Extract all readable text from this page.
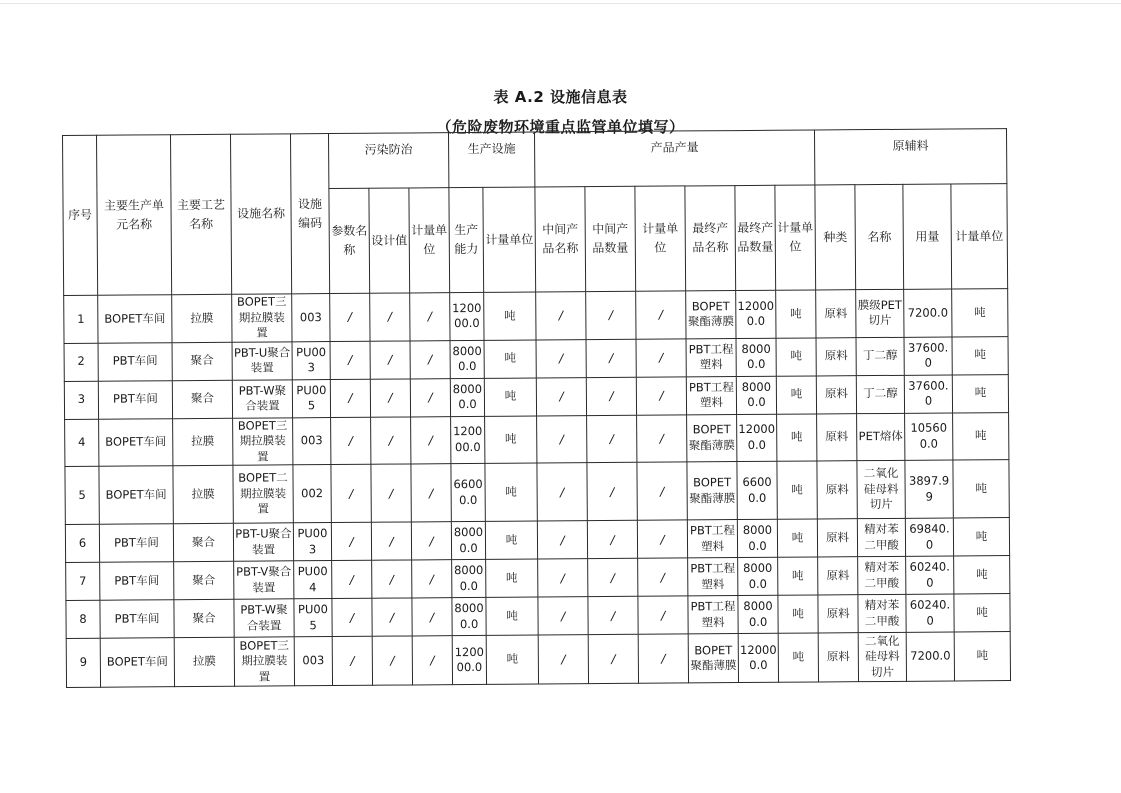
表 A.2 设施信息表
（危险废物环境重点监管单位填写）
序号	主要生产单元名称	主要工艺名称	设施名称	设施编码	污染防治			生产设施		产品产量						原辅料			
					参数名称	设计值	计量单位	生产能力	计量单位	中间产品名称	中间产品数量	计量单位	最终产品名称	最终产品数量	计量单位	种类	名称	用量	计量单位
1	BOPET车间	拉膜	BOPET三期拉膜装置	003	/	/	/	120000.0	吨	/	/	/	BOPET聚酯薄膜	120000.0	吨	原料	膜级PET切片	7200.0	吨
2	PBT车间	聚合	PBT-U聚合装置	PU003	/	/	/	80000.0	吨	/	/	/	PBT工程塑料	80000.0	吨	原料	丁二醇	37600.0	吨
3	PBT车间	聚合	PBT-W聚合装置	PU005	/	/	/	80000.0	吨	/	/	/	PBT工程塑料	80000.0	吨	原料	丁二醇	37600.0	吨
4	BOPET车间	拉膜	BOPET三期拉膜装置	003	/	/	/	120000.0	吨	/	/	/	BOPET聚酯薄膜	120000.0	吨	原料	PET熔体	105600.0	吨
5	BOPET车间	拉膜	BOPET二期拉膜装置	002	/	/	/	66000.0	吨	/	/	/	BOPET聚酯薄膜	66000.0	吨	原料	二氧化硅母料切片	3897.99	吨
6	PBT车间	聚合	PBT-U聚合装置	PU003	/	/	/	80000.0	吨	/	/	/	PBT工程塑料	80000.0	吨	原料	精对苯二甲酸	69840.0	吨
7	PBT车间	聚合	PBT-V聚合装置	PU004	/	/	/	80000.0	吨	/	/	/	PBT工程塑料	80000.0	吨	原料	精对苯二甲酸	60240.0	吨
8	PBT车间	聚合	PBT-W聚合装置	PU005	/	/	/	80000.0	吨	/	/	/	PBT工程塑料	80000.0	吨	原料	精对苯二甲酸	60240.0	吨
9	BOPET车间	拉膜	BOPET三期拉膜装置	003	/	/	/	120000.0	吨	/	/	/	BOPET聚酯薄膜	120000.0	吨	原料	二氧化硅母料切片	7200.0	吨
